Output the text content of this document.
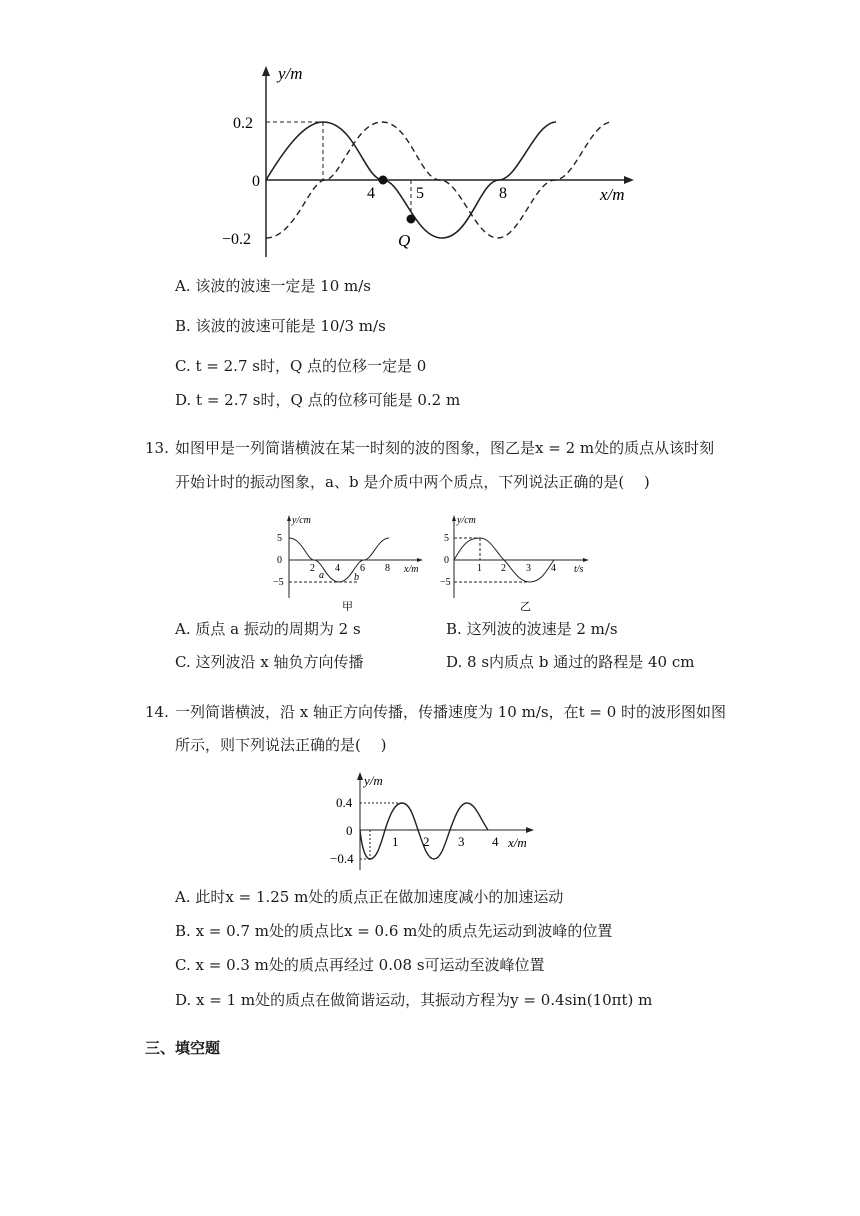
y/m
0.2
0
−0.2
4	5	8	x/m
Q
A. 该波的波速一定是 10 m/s
B. 该波的波速可能是 10/3 m/s
C. t = 2.7 s时，Q 点的位移一定是 0
D. t = 2.7 s时，Q 点的位移可能是 0.2 m
13. 如图甲是一列简谐横波在某一时刻的波的图象，图乙是x = 2 m处的质点从该时刻
开始计时的振动图象，a、b 是介质中两个质点，下列说法正确的是(　 )
y/cm
5
0
−5
2 4 6 8 x/m
a	b
甲
y/cm
5
0
−5
1 2 3 4 t/s
乙
A. 质点 a 振动的周期为 2 s	B. 这列波的波速是 2 m/s
C. 这列波沿 x 轴负方向传播	D. 8 s内质点 b 通过的路程是 40 cm
14. 一列简谐横波，沿 x 轴正方向传播，传播速度为 10 m/s，在t = 0 时的波形图如图
所示，则下列说法正确的是(　 )
y/m
0.4
0
−0.4
1 2 3 4 x/m
A. 此时x = 1.25 m处的质点正在做加速度减小的加速运动
B. x = 0.7 m处的质点比x = 0.6 m处的质点先运动到波峰的位置
C. x = 0.3 m处的质点再经过 0.08 s可运动至波峰位置
D. x = 1 m处的质点在做简谐运动，其振动方程为y = 0.4sin(10πt) m
三、填空题
